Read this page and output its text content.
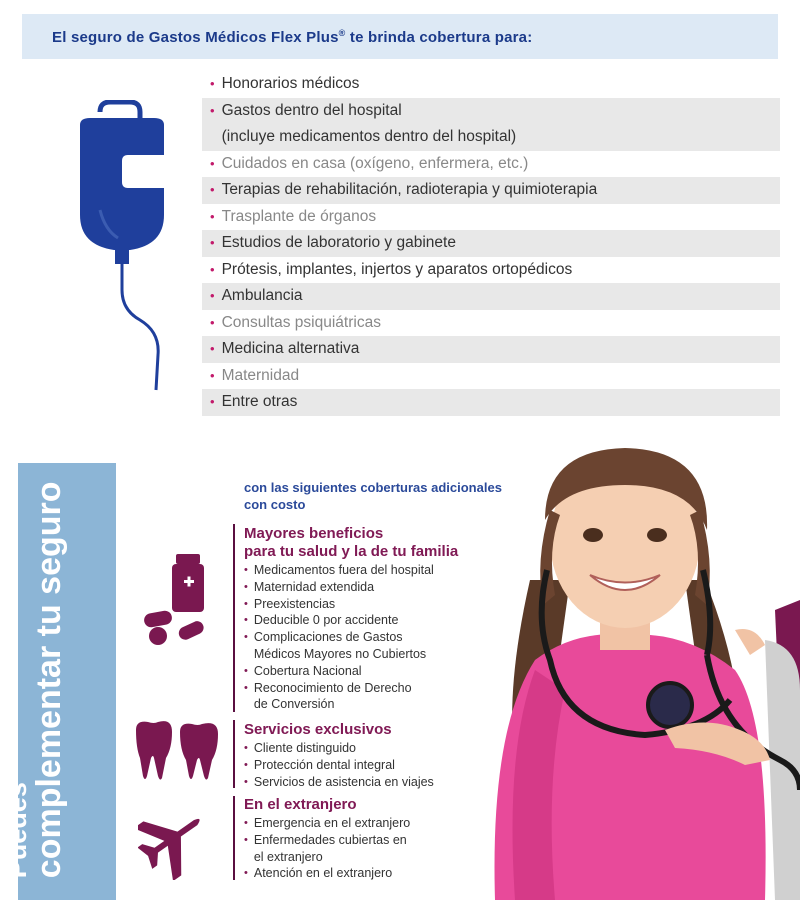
El seguro de Gastos Médicos Flex Plus® te brinda cobertura para:
• Honorarios médicos
• Gastos dentro del hospital
(incluye medicamentos dentro del hospital)
• Cuidados en casa (oxígeno, enfermera, etc.)
• Terapias de rehabilitación, radioterapia y quimioterapia
• Trasplante de órganos
• Estudios de laboratorio y gabinete
• Prótesis, implantes, injertos y aparatos ortopédicos
• Ambulancia
• Consultas psiquiátricas
• Medicina alternativa
• Maternidad
• Entre otras
Puedes
complementar tu seguro	con las siguientes coberturas adicionales
con costo
Mayores beneficios
para tu salud y la de tu familia
• Medicamentos fuera del hospital
• Maternidad extendida
• Preexistencias
• Deducible 0 por accidente
• Complicaciones de Gastos
Médicos Mayores no Cubiertos
• Cobertura Nacional
• Reconocimiento de Derecho
de Conversión
Servicios exclusivos
• Cliente distinguido
• Protección dental integral
• Servicios de asistencia en viajes
En el extranjero
• Emergencia en el extranjero
• Enfermedades cubiertas en
el extranjero
• Atención en el extranjero
